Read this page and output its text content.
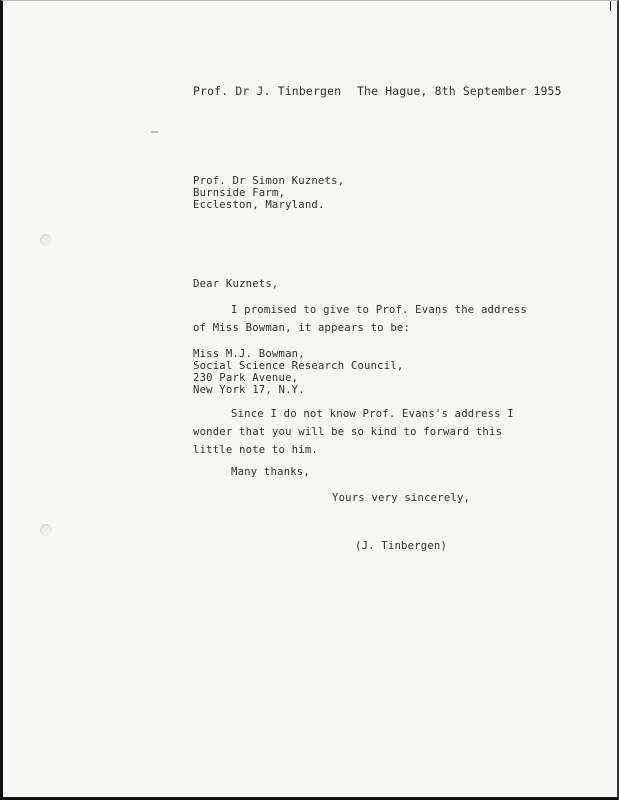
Prof. Dr J. Tinbergen The Hague, 8th September 1955
Prof. Dr Simon Kuznets,
Burnside Farm,
Eccleston, Maryland.
Dear Kuznets,
I promised to give to Prof. Evans the address
of Miss Bowman, it appears to be:
Miss M.J. Bowman,
Social Science Research Council,
230 Park Avenue,
New York 17, N.Y.
Since I do not know Prof. Evans's address I
wonder that you will be so kind to forward this
little note to him.
Many thanks,
Yours very sincerely,
(J. Tinbergen)
